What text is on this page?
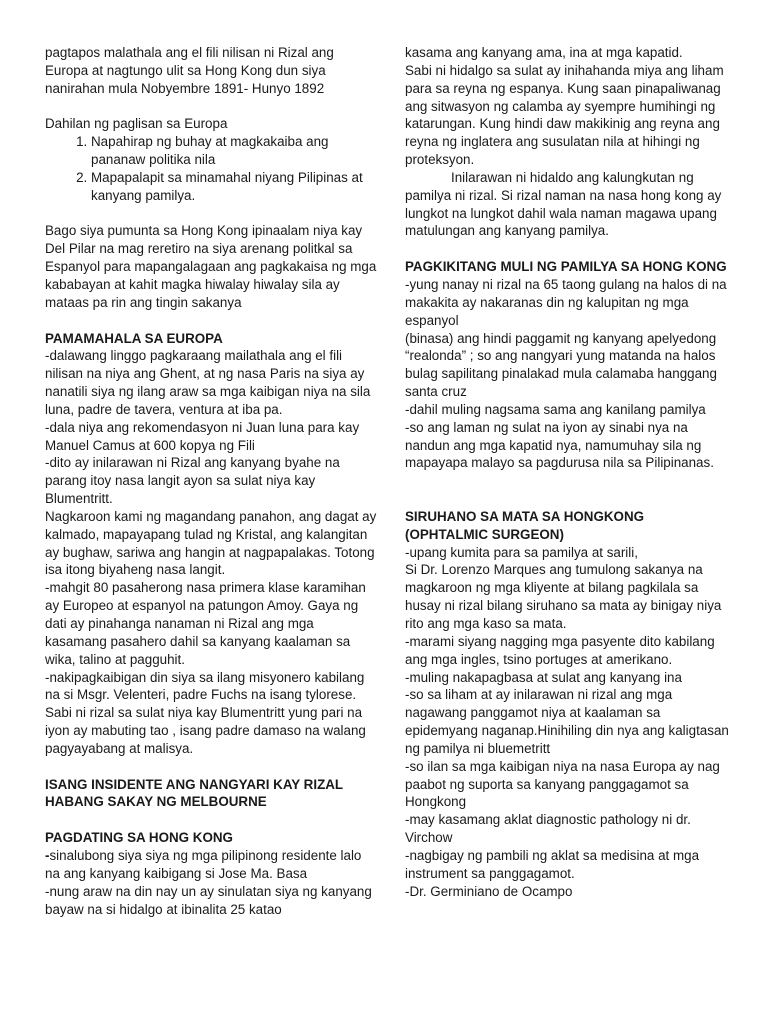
pagtapos malathala ang el fili nilisan ni Rizal ang Europa at nagtungo ulit sa Hong Kong dun siya nanirahan mula Nobyembre 1891- Hunyo 1892

Dahilan ng paglisan sa Europa

1. Napahirap ng buhay at magkakaiba ang pananaw politika nila
2. Mapapalapit sa minamahal niyang Pilipinas at kanyang pamilya.

Bago siya pumunta sa Hong Kong ipinaalam niya kay Del Pilar na mag reretiro na siya arenang politkal sa Espanyol para mapangalagaan ang pagkakaisa ng mga kababayan at kahit magka hiwalay hiwalay sila ay mataas pa rin ang tingin sakanya

PAMAMAHALA SA EUROPA

-dalawang linggo pagkaraang mailathala ang el fili nilisan na niya ang Ghent, at ng nasa Paris na siya ay nanatili siya ng ilang araw sa mga kaibigan niya na sila luna, padre de tavera, ventura at iba pa.

-dala niya ang rekomendasyon ni Juan luna para kay Manuel Camus at 600 kopya ng Fili

-dito ay inilarawan ni Rizal ang kanyang byahe na parang itoy nasa langit ayon sa sulat niya kay Blumentritt.

Nagkaroon kami ng magandang panahon, ang dagat ay kalmado, mapayapang tulad ng Kristal, ang kalangitan ay bughaw, sariwa ang hangin at nagpapalakas. Totong isa itong biyaheng nasa langit.

-mahgit 80 pasaherong nasa primera klase karamihan ay Europeo at espanyol na patungon Amoy. Gaya ng dati ay pinahanga nanaman ni Rizal ang mga kasamang pasahero dahil sa kanyang kaalaman sa wika, talino at pagguhit.

-nakipagkaibigan din siya sa ilang misyonero kabilang na si Msgr. Velenteri, padre Fuchs na isang tylorese. Sabi ni rizal sa sulat niya kay Blumentritt yung pari na iyon ay mabuting tao , isang padre damaso na walang pagyayabang at malisya.

ISANG INSIDENTE ANG NANGYARI KAY RIZAL HABANG SAKAY NG MELBOURNE
PAGDATING SA HONG KONG

-sinalubong siya siya ng mga pilipinong residente lalo na ang kanyang kaibigang si Jose Ma. Basa

-nung araw na din nay un ay sinulatan siya ng kanyang bayaw na si hidalgo at ibinalita 25 katao

kasama ang kanyang ama, ina at mga kapatid.

Sabi ni hidalgo sa sulat ay inihahanda miya ang liham para sa reyna ng espanya. Kung saan pinapaliwanag ang sitwasyon ng calamba ay syempre humihingi ng katarungan. Kung hindi daw makikinig ang reyna ang reyna ng inglatera ang susulatan nila at hihingi ng proteksyon.

Inilarawan ni hidaldo ang kalungkutan ng pamilya ni rizal. Si rizal naman na nasa hong kong ay lungkot na lungkot dahil wala naman magawa upang matulungan ang kanyang pamilya.

PAGKIKITANG MULI NG PAMILYA SA HONG KONG

-yung nanay ni rizal na 65 taong gulang na halos di na makakita ay nakaranas din ng kalupitan ng mga espanyol

(binasa) ang hindi paggamit ng kanyang apelyedong “realonda” ; so ang nangyari yung matanda na halos bulag sapilitang pinalakad mula calamaba hanggang santa cruz

-dahil muling nagsama sama ang kanilang pamilya

-so ang laman ng sulat na iyon ay sinabi nya na nandun ang mga kapatid nya, namumuhay sila ng mapayapa malayo sa pagdurusa nila sa Pilipinanas.

SIRUHANO SA MATA SA HONGKONG (OPHTALMIC SURGEON)

-upang kumita para sa pamilya at sarili,

Si Dr. Lorenzo Marques ang tumulong sakanya na magkaroon ng mga kliyente at bilang pagkilala sa husay ni rizal bilang siruhano sa mata ay binigay niya rito ang mga kaso sa mata.

-marami siyang nagging mga pasyente dito kabilang ang mga ingles, tsino portuges at amerikano.

-muling nakapagbasa at sulat ang kanyang ina

-so sa liham at ay inilarawan ni rizal ang mga nagawang panggamot niya at kaalaman sa epidemyang naganap.Hinihiling din nya ang kaligtasan ng pamilya ni bluemetritt

-so ilan sa mga kaibigan niya na nasa Europa ay nag paabot ng suporta sa kanyang panggagamot sa Hongkong

-may kasamang aklat diagnostic pathology ni dr. Virchow

-nagbigay ng pambili ng aklat sa medisina at mga instrument sa panggagamot.

-Dr. Germiniano de Ocampo
